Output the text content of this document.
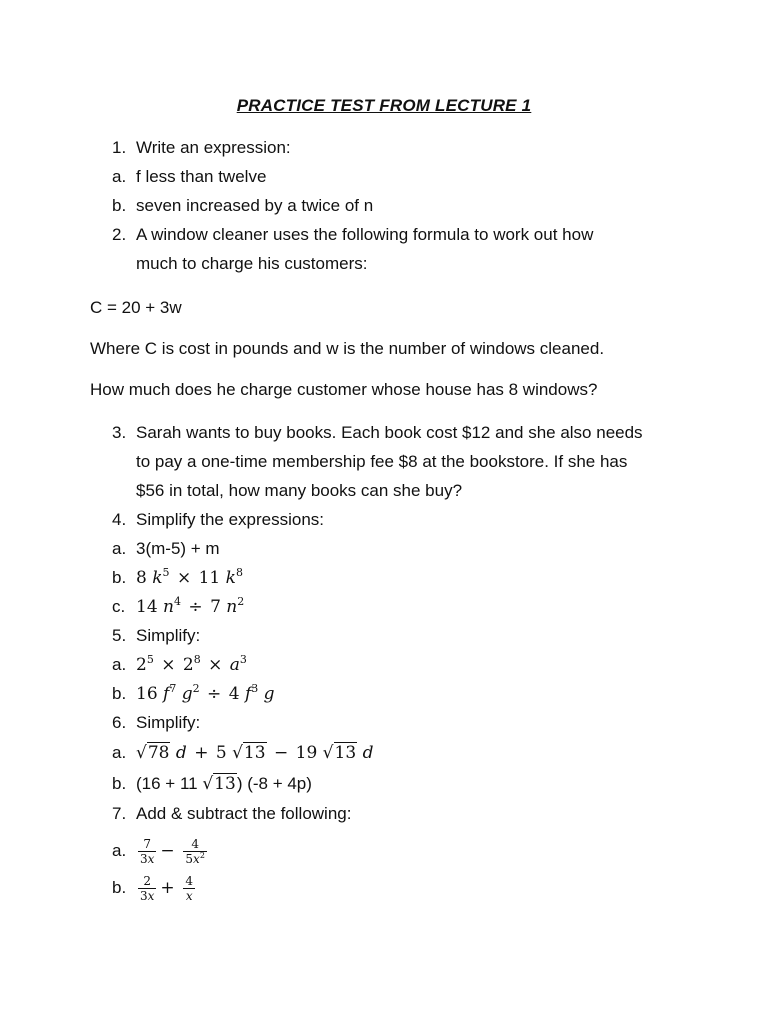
PRACTICE TEST FROM LECTURE 1
1. Write an expression:
a. f less than twelve
b. seven increased by a twice of n
2. A window cleaner uses the following formula to work out how
much to charge his customers:
C = 20 + 3w
Where C is cost in pounds and w is the number of windows cleaned.
How much does he charge customer whose house has 8 windows?
3. Sarah wants to buy books. Each book cost $12 and she also needs
to pay a one-time membership fee $8 at the bookstore. If she has
$56 in total, how many books can she buy?
4. Simplify the expressions:
a. 3(m-5) + m
b. 8 $k^5 \times 11$ $k^8$
c. 14 $n^4 \div 7$ $n^2$
5. Simplify:
a. $2^5 \times 2^8 \times a^3$
b. 16 $f^7$ $g^2 \div 4$ $f^3$ g
6. Simplify:
a. √78 d + 5 √13 − 19 √13 d
b. (16 + 11 √13) (-8 + 4p)
7. Add & subtract the following:
a. $\frac{7}{3x} - \frac{4}{5x^2}$
b. $\frac{2}{3x} + \frac{4}{x}$
